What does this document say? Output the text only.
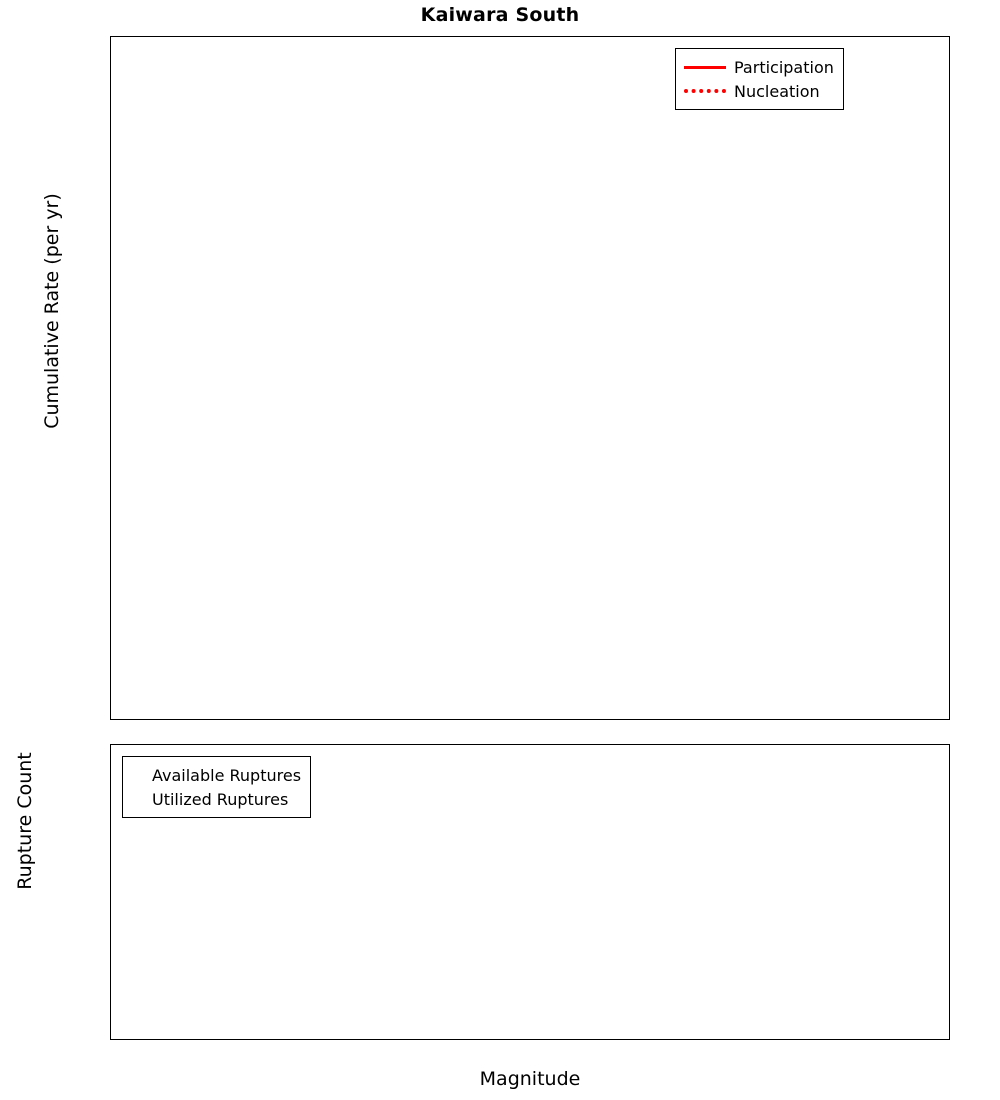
Kaiwara South
Cumulative Rate (per yr)
Participation
Nucleation
Rupture Count	Available Ruptures
Utilized Ruptures
Magnitude
